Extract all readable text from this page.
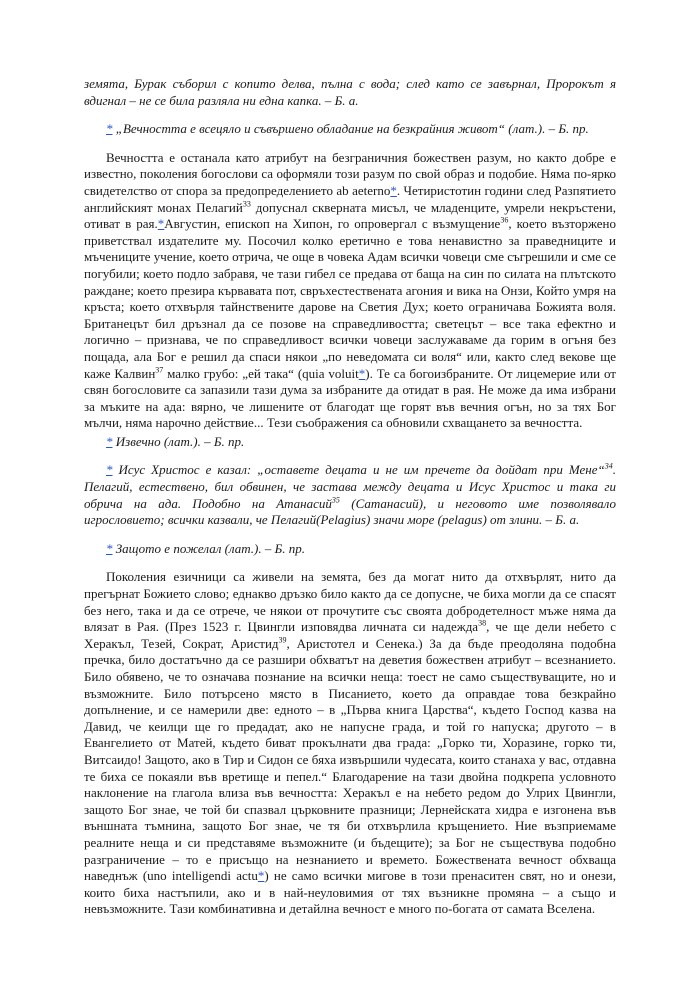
земята, Бурак съборил с копито делва, пълна с вода; след като се завърнал, Пророкът я вдигнал – не се била разляла ни една капка. – Б. а.

* „Вечността е всецяло и съвършено обладание на безкрайния живот“ (лат.). – Б. пр.

Вечността е останала като атрибут на безграничния божествен разум, но както добре е известно, поколения богослови са оформяли този разум по свой образ и подобие. Няма по-ярко свидетелство от спора за предопределението ab aeterno*. Четиристотин години след Разпятието английският монах Пелагий$^{33}$ допуснал скверната мисъл, че младенците, умрели некръстени, отиват в рая.*Августин, епископ на Хипон, го опровергал с възмущение$^{36}$, което възторжено приветствал издателите му. Посочил колко еретично е това ненавистно за праведниците и мъчениците учение, което отрича, че още в човека Адам всички човеци сме съгрешили и сме се погубили; което подло забравя, че тази гибел се предава от баща на син по силата на плътското раждане; което презира кървавата пот, свръхестествената агония и вика на Онзи, Който умря на кръста; което отхвърля тайнствените дарове на Светия Дух; което ограничава Божията воля. Британецът бил дръзнал да се позове на справедливостта; светецът – все така ефектно и логично – признава, че по справедливост всички човеци заслужаваме да горим в огъня без пощада, ала Бог е решил да спаси някои „по неведомата си воля“ или, както след векове ще каже Калвин$^{37}$ малко грубо: „ей така“ (quia voluit*). Те са богоизбраните. От лицемерие или от свян богословите са запазили тази дума за избраните да отидат в рая. Не може да има избрани за мъките на ада: вярно, че лишените от благодат ще горят във вечния огън, но за тях Бог мълчи, няма нарочно действие... Тези съображения са обновили схващането за вечността.

* Извечно (лат.). – Б. пр.

* Исус Христос е казал: „оставете децата и не им пречете да дойдат при Мене“$^{34}$. Пелагий, естествено, бил обвинен, че застава между децата и Исус Христос и така ги обрича на ада. Подобно на Атанасий$^{35}$ (Сатанасий), и неговото име позволявало игрословието; всички казвали, че Пелагий(Pelagius) значи море (pelagus) от злини. – Б. а.

* Защото е пожелал (лат.). – Б. пр.

Поколения езичници са живели на земята, без да могат нито да отхвърлят, нито да прегърнат Божието слово; еднакво дръзко било както да се допусне, че биха могли да се спасят без него, така и да се отрече, че някои от прочутите със своята добродетелност мъже няма да влязат в Рая. (През 1523 г. Цвингли изповядва личната си надежда$^{38}$, че ще дели небето с Херакъл, Тезей, Сократ, Аристид$^{39}$, Аристотел и Сенека.) За да бъде преодоляна подобна пречка, било достатъчно да се разшири обхватът на деветия божествен атрибут – всезнанието. Било обявено, че то означава познание на всички неща: тоест не само съществуващите, но и възможните. Било потърсено място в Писанието, което да оправдае това безкрайно допълнение, и се намерили две: едното – в „Първа книга Царства“, където Господ казва на Давид, че кеилци ще го предадат, ако не напусне града, и той го напуска; другото – в Евангелието от Матей, където биват прокълнати два града: „Горко ти, Хоразине, горко ти, Витсаидо! Защото, ако в Тир и Сидон се бяха извършили чудесата, които станаха у вас, отдавна те биха се покаяли във вретище и пепел.“ Благодарение на тази двойна подкрепа условното наклонение на глагола влиза във вечността: Херакъл е на небето редом до Улрих Цвингли, защото Бог знае, че той би спазвал църковните празници; Лернейската хидра е изгонена във външната тъмнина, защото Бог знае, че тя би отхвърлила кръщението. Ние възприемаме реалните неща и си представяме възможните (и бъдещите); за Бог не съществува подобно разграничение – то е присъщо на незнанието и времето. Божествената вечност обхваща наведнъж (uno intelligendi actu*) не само всички мигове в този пренаситен свят, но и онези, които биха настъпили, ако и в най-неуловимия от тях възникне промяна – а също и невъзможните. Тази комбинативна и детайлна вечност е много по-богата от самата Вселена.
